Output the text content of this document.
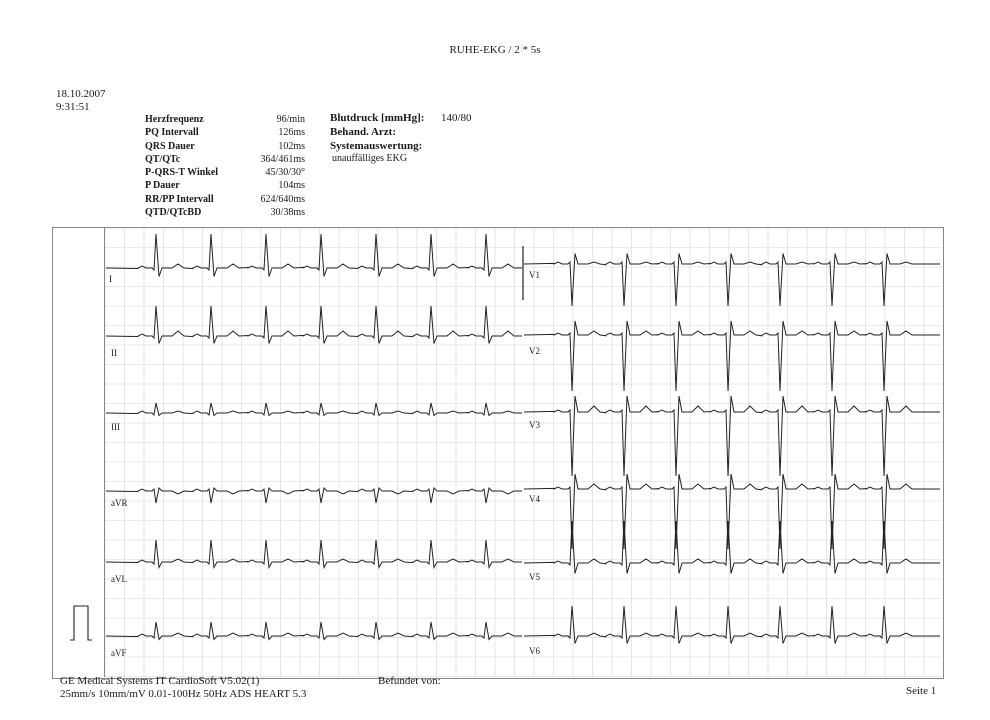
RUHE-EKG / 2 * 5s
18.10.2007
9:31:51
Herzfrequenz	96/min
PQ Intervall	126ms
QRS Dauer	102ms
QT/QTc	364/461ms
P-QRS-T Winkel	45/30/30°
P Dauer	104ms
RR/PP Intervall	624/640ms
QTD/QTcBD	30/38ms
Blutdruck [mmHg]: 140/80
Behand. Arzt:
Systemauswertung:
unauffälliges EKG
I
II
III
aVR
aVL
aVF
V1
V2
V3
V4
V5
V6
GE Medical Systems IT CardioSoft V5.02(1)
25mm/s 10mm/mV 0.01-100Hz 50Hz ADS HEART 5.3
Befundet von:
Seite 1
